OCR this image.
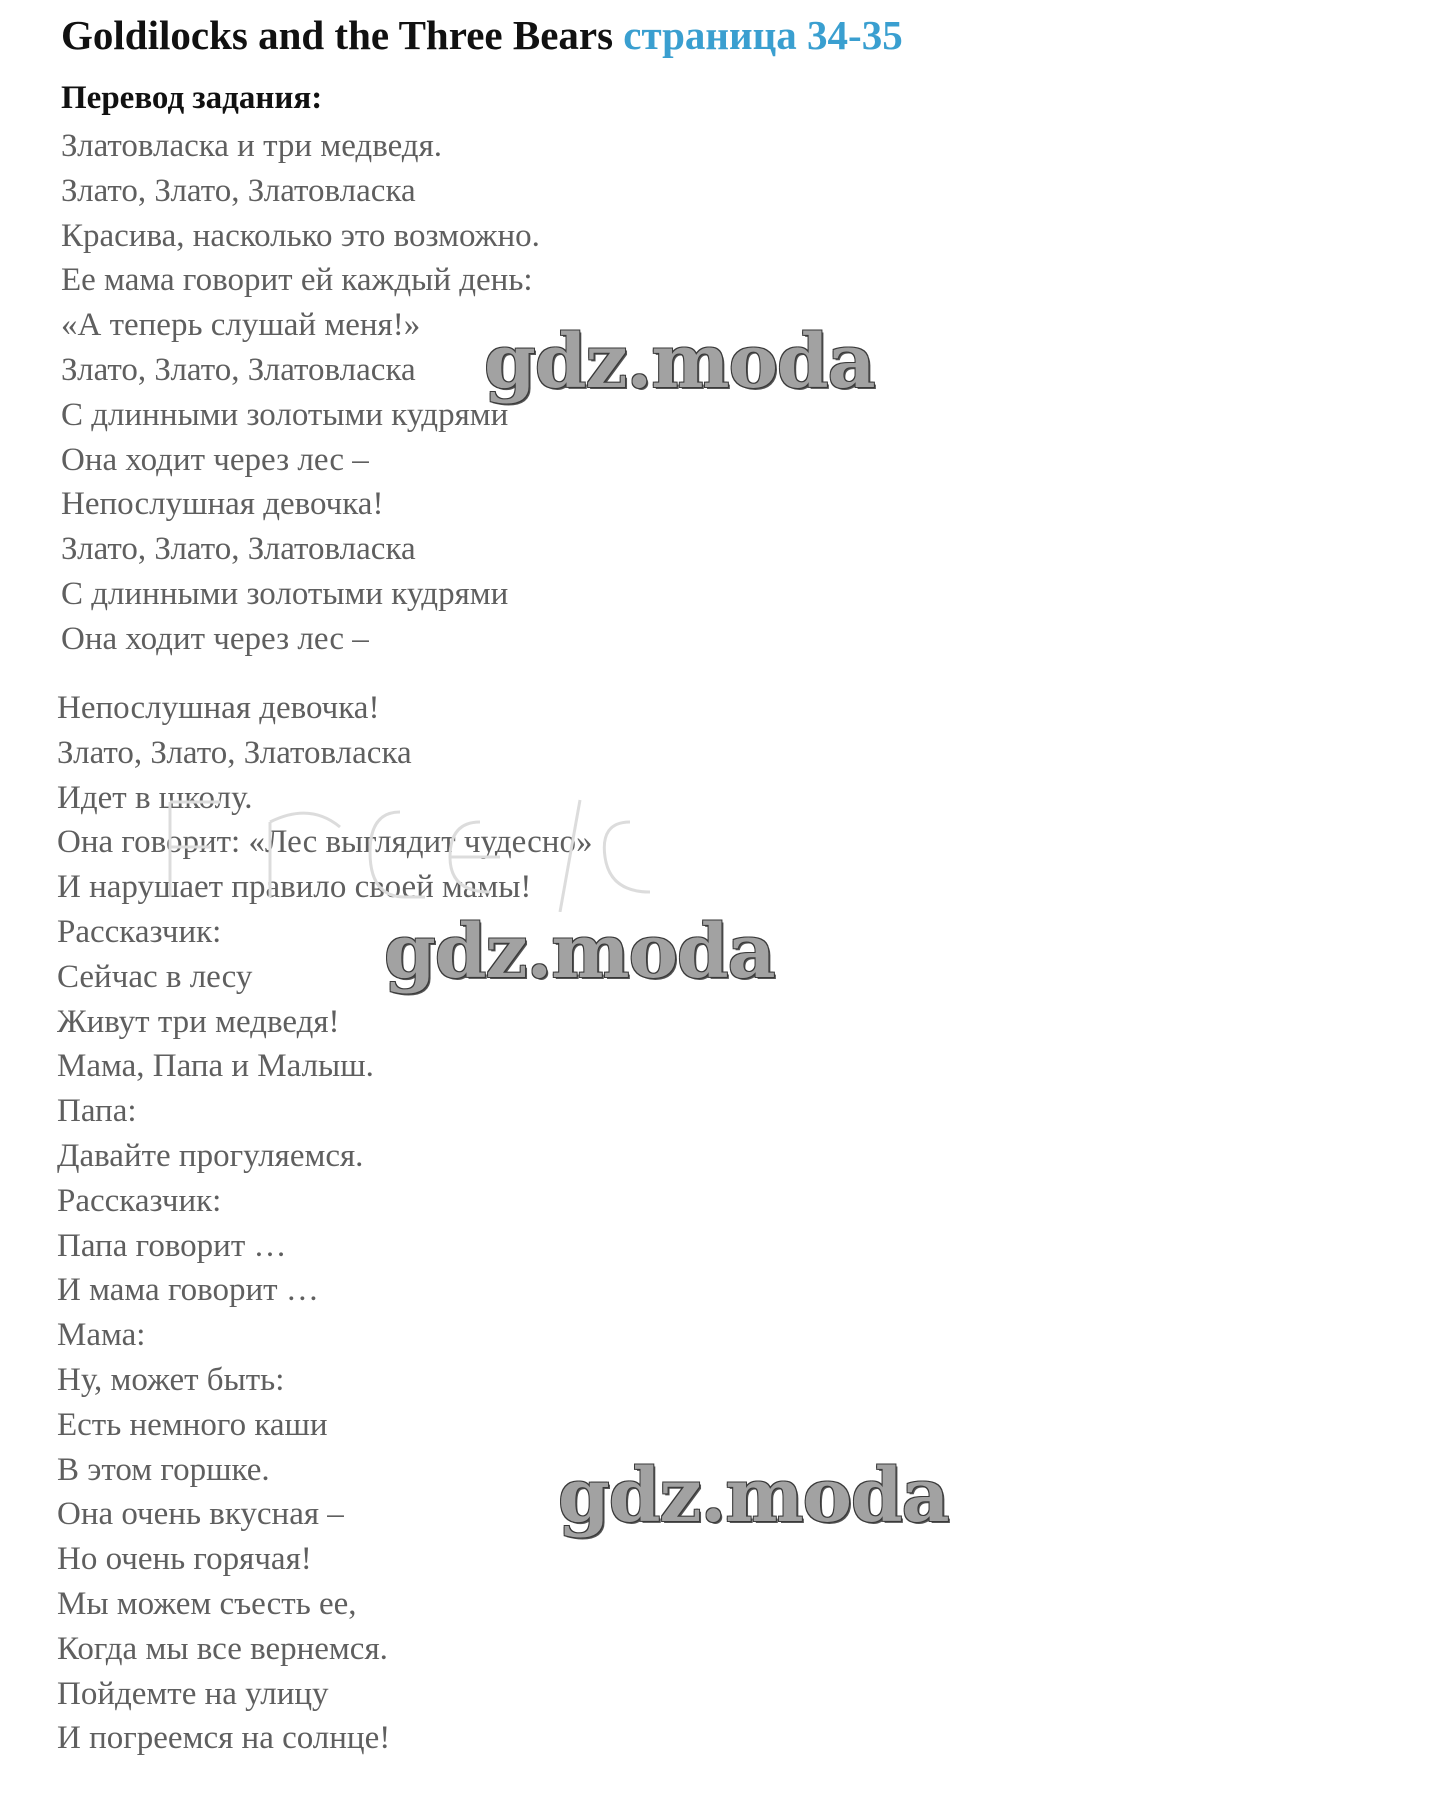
Goldilocks and the Three Bears страница 34-35
Перевод задания:
Златовласка и три медведя.
Злато, Злато, Златовласка
Красива, насколько это возможно.
Ее мама говорит ей каждый день:
«А теперь слушай меня!»
Злато, Злато, Златовласка
С длинными золотыми кудрями
Она ходит через лес –
Непослушная девочка!
Злато, Злато, Златовласка
С длинными золотыми кудрями
Она ходит через лес –
Непослушная девочка!
Злато, Злато, Златовласка
Идет в школу.
Она говорит: «Лес выглядит чудесно»
И нарушает правило своей мамы!
Рассказчик:
Сейчас в лесу
Живут три медведя!
Мама, Папа и Малыш.
Папа:
Давайте прогуляемся.
Рассказчик:
Папа говорит …
И мама говорит …
Мама:
Ну, может быть:
Есть немного каши
В этом горшке.
Она очень вкусная –
Но очень горячая!
Мы можем съесть ее,
Когда мы все вернемся.
Пойдемте на улицу
И погреемся на солнце!
gdz.moda
gdz.moda
gdz.moda
